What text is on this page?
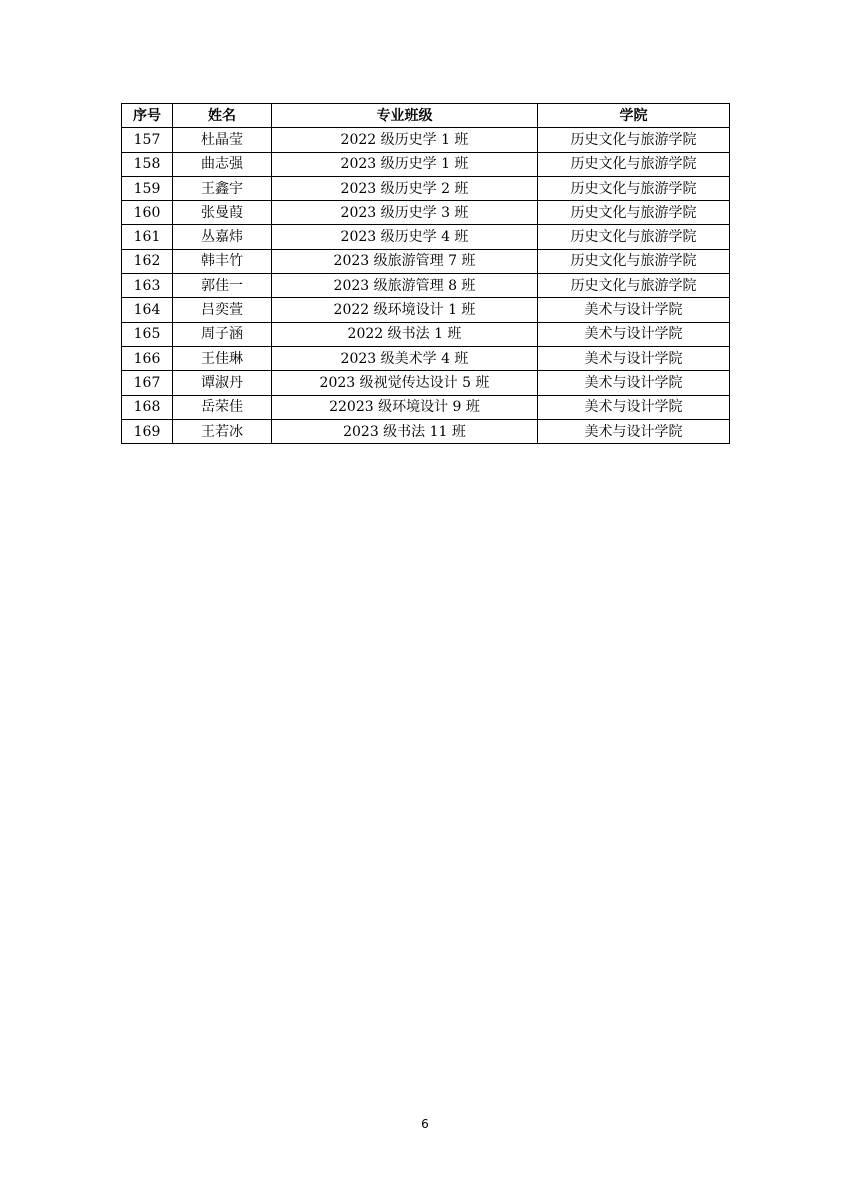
序号	姓名	专业班级	学院
157	杜晶莹	2022 级历史学 1 班	历史文化与旅游学院
158	曲志强	2023 级历史学 1 班	历史文化与旅游学院
159	王鑫宇	2023 级历史学 2 班	历史文化与旅游学院
160	张曼葭	2023 级历史学 3 班	历史文化与旅游学院
161	丛嘉炜	2023 级历史学 4 班	历史文化与旅游学院
162	韩丰竹	2023 级旅游管理 7 班	历史文化与旅游学院
163	郭佳一	2023 级旅游管理 8 班	历史文化与旅游学院
164	吕奕萱	2022 级环境设计 1 班	美术与设计学院
165	周子涵	2022 级书法 1 班	美术与设计学院
166	王佳琳	2023 级美术学 4 班	美术与设计学院
167	谭淑丹	2023 级视觉传达设计 5 班	美术与设计学院
168	岳荣佳	22023 级环境设计 9 班	美术与设计学院
169	王若冰	2023 级书法 11 班	美术与设计学院
6
